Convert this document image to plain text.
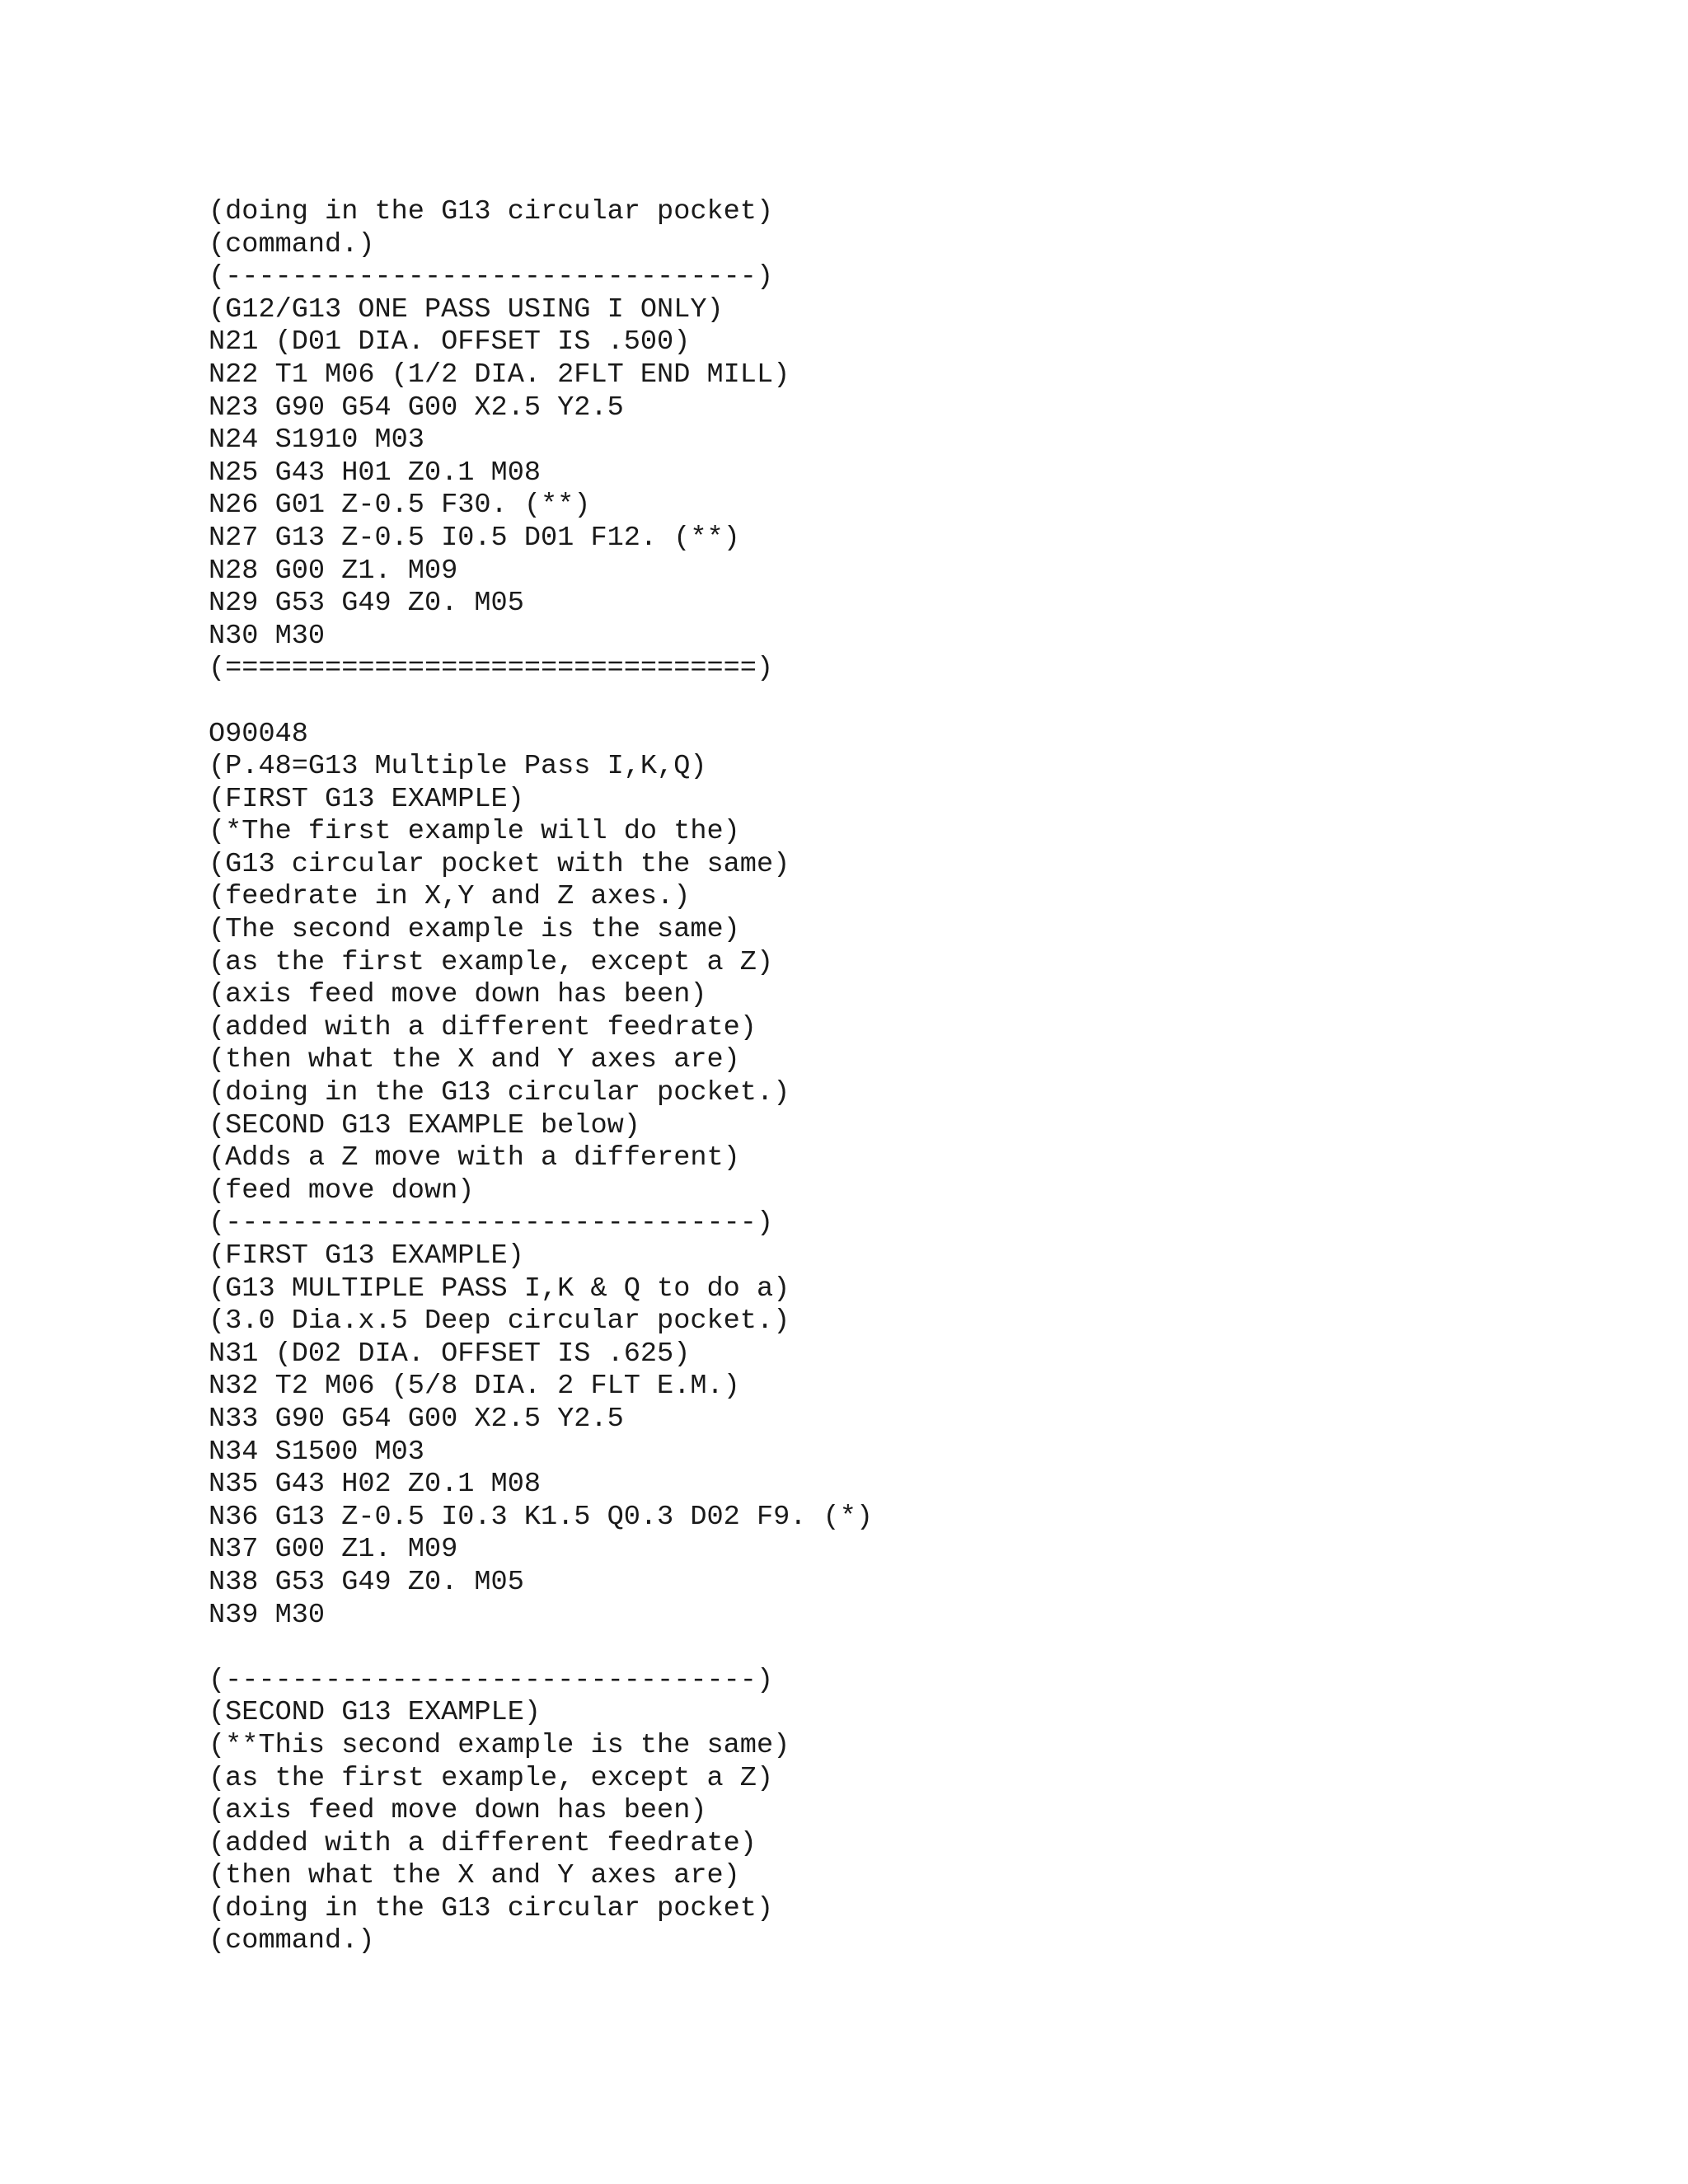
(doing in the G13 circular pocket)
(command.)
(--------------------------------)
(G12/G13 ONE PASS USING I ONLY)
N21 (D01 DIA. OFFSET IS .500)
N22 T1 M06 (1/2 DIA. 2FLT END MILL)
N23 G90 G54 G00 X2.5 Y2.5
N24 S1910 M03
N25 G43 H01 Z0.1 M08
N26 G01 Z-0.5 F30. (**)
N27 G13 Z-0.5 I0.5 D01 F12. (**)
N28 G00 Z1. M09
N29 G53 G49 Z0. M05
N30 M30
(================================)
O90048
(P.48=G13 Multiple Pass I,K,Q)
(FIRST G13 EXAMPLE)
(*The first example will do the)
(G13 circular pocket with the same)
(feedrate in X,Y and Z axes.)
(The second example is the same)
(as the first example, except a Z)
(axis feed move down has been)
(added with a different feedrate)
(then what the X and Y axes are)
(doing in the G13 circular pocket.)
(SECOND G13 EXAMPLE below)
(Adds a Z move with a different)
(feed move down)
(--------------------------------)
(FIRST G13 EXAMPLE)
(G13 MULTIPLE PASS I,K & Q to do a)
(3.0 Dia.x.5 Deep circular pocket.)
N31 (D02 DIA. OFFSET IS .625)
N32 T2 M06 (5/8 DIA. 2 FLT E.M.)
N33 G90 G54 G00 X2.5 Y2.5
N34 S1500 M03
N35 G43 H02 Z0.1 M08
N36 G13 Z-0.5 I0.3 K1.5 Q0.3 D02 F9. (*)
N37 G00 Z1. M09
N38 G53 G49 Z0. M05
N39 M30
(--------------------------------)
(SECOND G13 EXAMPLE)
(**This second example is the same)
(as the first example, except a Z)
(axis feed move down has been)
(added with a different feedrate)
(then what the X and Y axes are)
(doing in the G13 circular pocket)
(command.)
